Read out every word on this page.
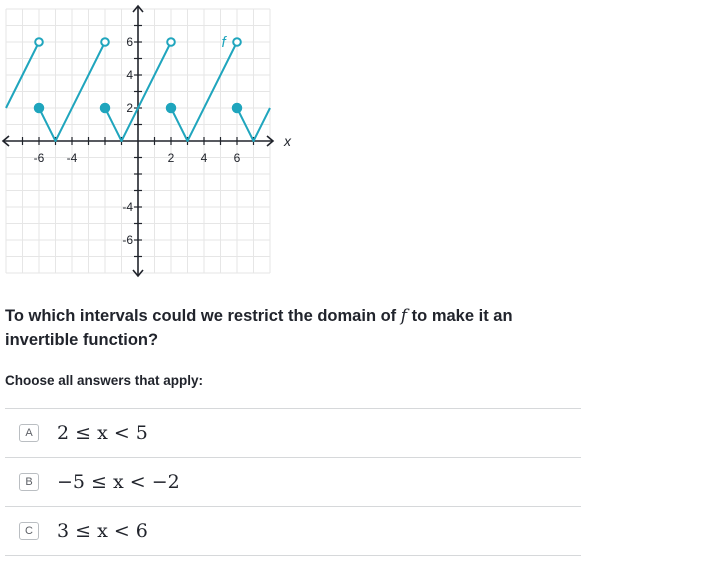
-6 -4	2 4 6
6
4
2
-4
-6
x
f
To which intervals could we restrict the domain of f to make it an invertible function?
Choose all answers that apply:
A	2 ≤ x < 5
B	−5 ≤ x < −2
C	3 ≤ x < 6
